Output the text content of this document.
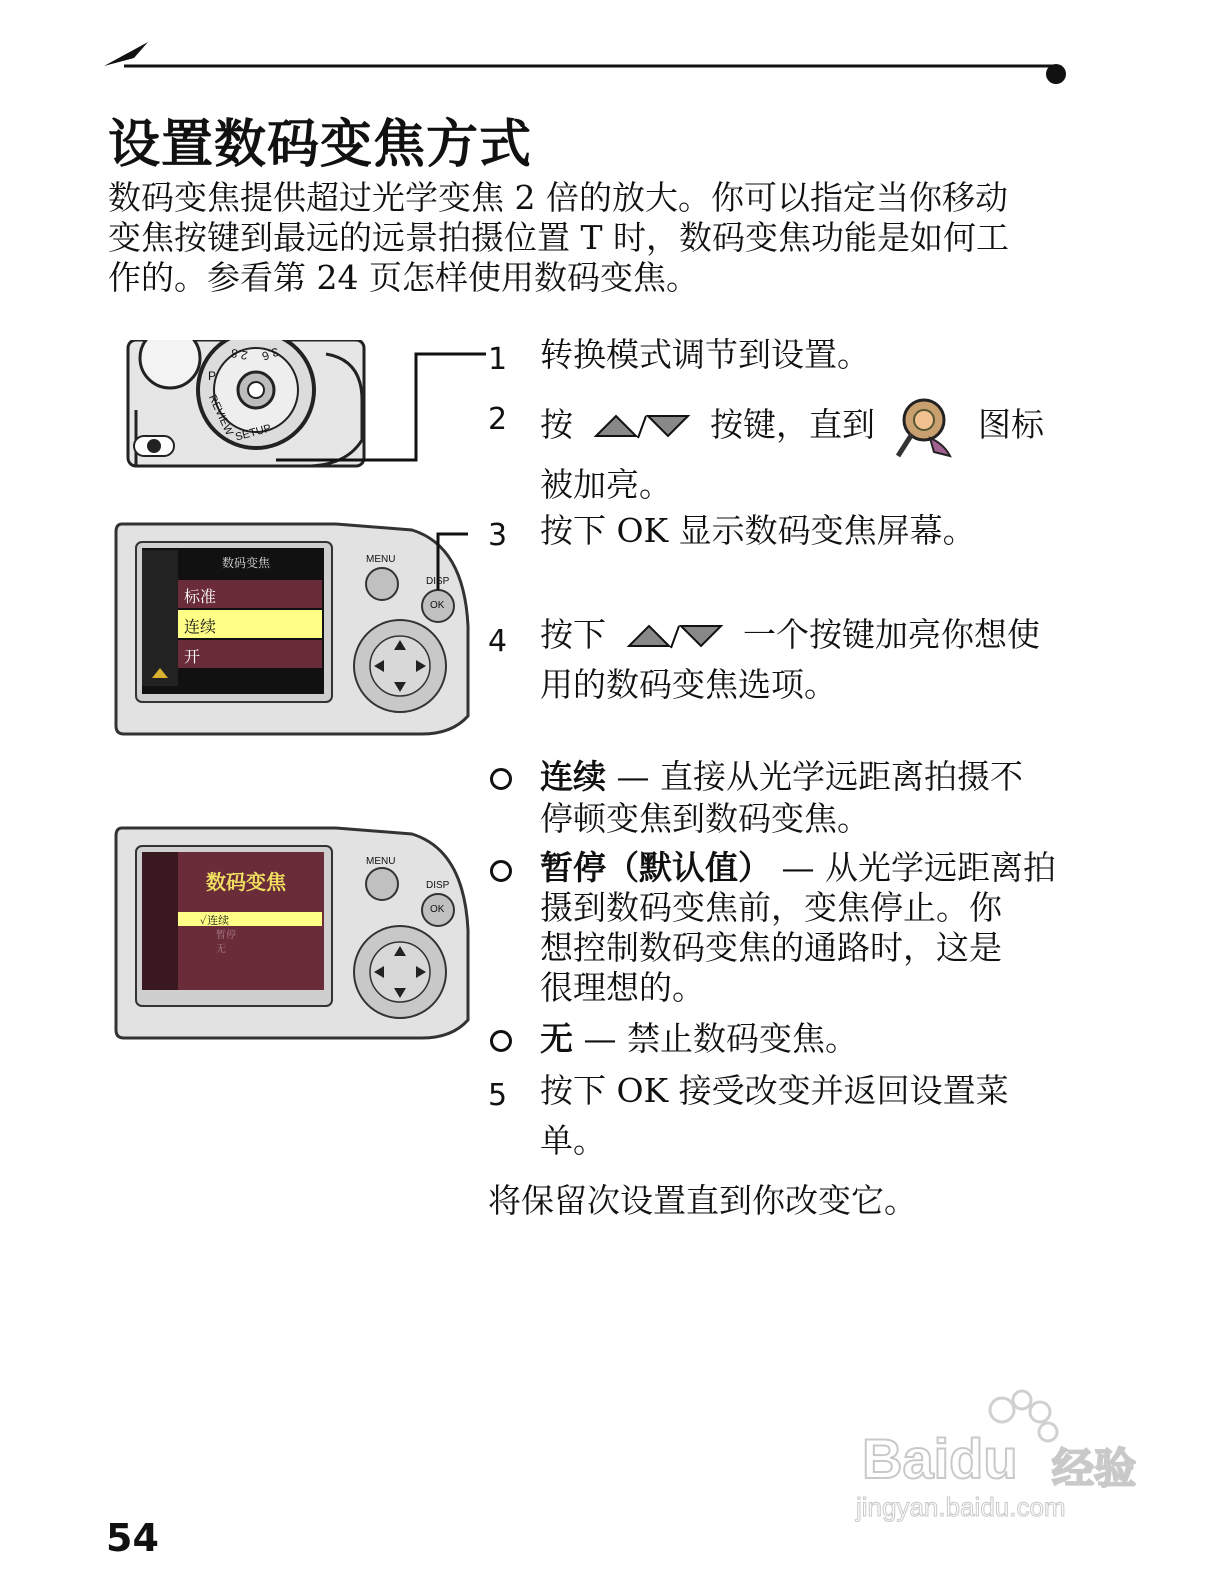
设置数码变焦方式

数码变焦提供超过光学变焦 2 倍的放大。你可以指定当你移动

变焦按键到最远的远景拍摄位置 T 时，数码变焦功能是如何工

作的。参看第 24 页怎样使用数码变焦。

P
REVIEW
SETUP
2.8 3.6
MENU
DISP
OK
数码变焦
标准
连续
开
MENU
DISP
OK
数码变焦
✓连续
暂停
无
1 转换模式调节到设置。
2 按	按键，直到	图标
被加亮。
3 按下 OK 显示数码变焦屏幕。
4 按下	一个按键加亮你想使
用的数码变焦选项。
连续 — 直接从光学远距离拍摄不
停顿变焦到数码变焦。
暂停（默认值） — 从光学远距离拍
摄到数码变焦前，变焦停止。你
想控制数码变焦的通路时，这是
很理想的。
无 — 禁止数码变焦。
5 按下 OK 接受改变并返回设置菜
单。
将保留次设置直到你改变它。
Baidu 经验
jingyan.baidu.com
54
